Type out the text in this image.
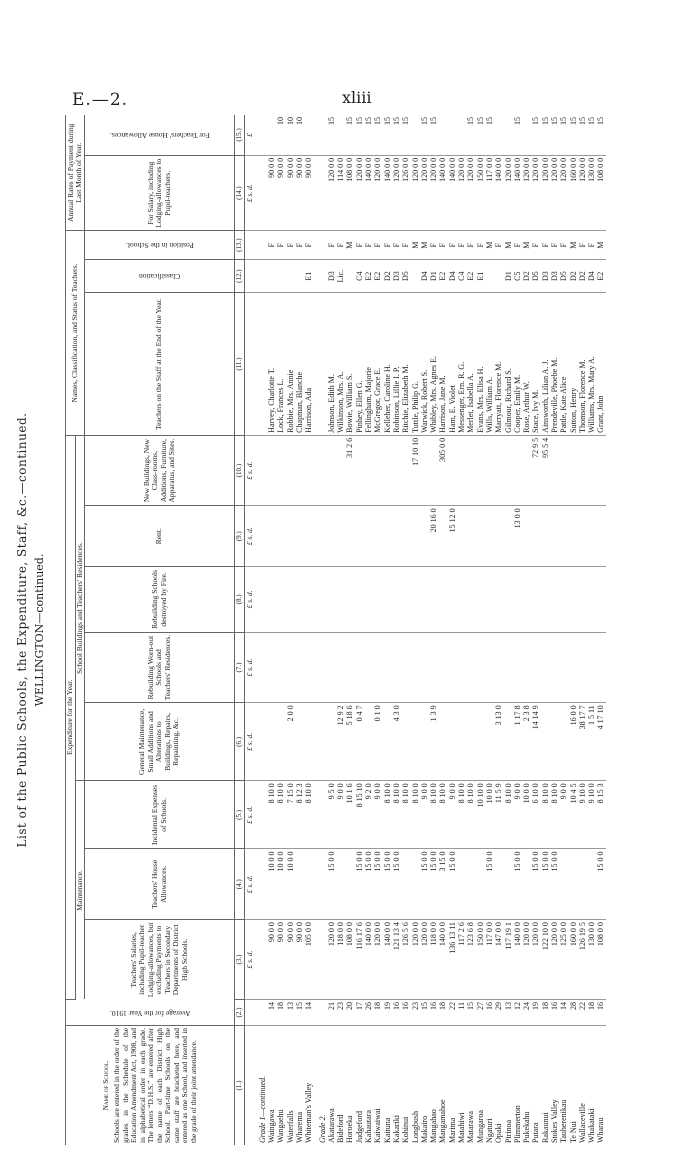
E.—2.	xliii
List of the Public Schools, the Expenditure, Staff, &c.—continued. WELLINGTON—continued.
Name of School. Schools are entered in the order of the grades in the Schedule of the Education Amendment Act, 1908, and in alphabetical order in each grade. The letters “D.H.S.” are entered after the name of each District High School. Part-time Schools on the same staff are bracketed here, and entered as one School, and inserted in the grade of their joint attendance.	Average for the Year 1910.	Expenditure for the Year.								Names, Classification, and Status of Teachers.			Annual Rates of Payment during Last Month of Year.	
		Maintenance.			School Buildings and Teachers' Residences.									
		Teachers' Salaries, including Pupil-teacher Lodging-allowances, but excluding Payments to Teachers in Secondary Departments of District High Schools.	Teachers' House Allowances.	Incidental Expenses of Schools.	General Maintenance, Small Additions and Alterations to Buildings, Repairs, Repainting, &c.	Rebuilding Worn-out Schools and Teachers' Residences.	Rebuilding Schools destroyed by Fire.	Rent.	New Buildings, New Class-rooms, Additions, Furniture, Apparatus, and Sites.	Teachers on the Staff at the End of the Year.	Classification	Position in the School.	For Salary, including Lodging-allowances to Pupil-teachers.	For Teachers' House Allowances.

(1.)	(2.)	(3.)	(4.)	(5.)	(6.)	(7.)	(8.)	(9.)	(10.)	(11.)	(12.)	(13.)	(14.)	(15.)
		£ s. d.	£ s. d.	£ s. d.	£ s. d.	£ s. d.	£ s. d.	£ s. d.	£ s. d.				£ s. d.	£
Grade 1—continued.														
Waingawa	14	90 0 0	10 0 0	8 10 0						Harvey, Charlotte T.		F	90 0 0	
Wangaehu	18	90 0 0	10 0 0	8 10 0						Lock, Frances L.		F	90 0 0	10
Waterfalls	13	90 0 0	10 0 0	7 15 0	2 0 0					Robbie, Mrs. Annie		F	90 0 0	10
Wharema	15	90 0 0		8 12 3						Chapman, Blanche		F	90 0 0	10
Whiteman's Valley	14	105 0 0		8 10 0						Harrison, Ada	E1	F	90 0 0	
Grade 2.														
Akatarawa	21	120 0 0	15 0 0	9 5 0						Johnson, Edith M.	D3	F	120 0 0	15
Bideford	23	118 0 0		9 0 0	12 9 2					Wilkinson, Mrs. A.	Lic.	F	114 0 0	
Horoeka	20	108 0 0		10 1 6	5 18 6				31 2 6	Bowie, William S.		M	108 0 0	15
Judgeford	17	116 17 6	15 0 0	8 15 10	0 4 7					Pinhey, Ellen G.	C4	F	120 0 0	15
Kahautara	26	140 0 0	15 0 0	9 2 0						Fellingham, Majorie	E2	F	140 0 0	15
Kaiwaiwai	18	120 0 0	15 0 0	9 0 0	0 1 0					McGregor, Grace E.	E2	F	120 0 0	15
Kaituna	19	140 0 0	15 0 0	8 10 0						Kelleher, Caroline H.	D2	F	140 0 0	15
Kakariki	16	121 13 4	15 0 0	8 10 0	4 3 0					Robinson, Lillie I. P.	D3	F	120 0 0	15
Kohinui	16	126 5 6		8 10 0						Ritchie, Elizabeth M.	D5	F	126 0 0	15
Longbush	23	120 0 0		8 10 0					17 10 10	Tuttle, Philip G.		M	120 0 0	
Makairo	15	120 0 0	15 0 0	9 0 0						Warwick, Robert S.	D4	M	120 0 0	15
Mangahao	16	118 0 0	15 0 0	8 10 0	1 3 9			20 16 0		Whibley, Mrs. Agnes E.	D1	F	120 0 0	15
Mangamahoe	18	140 0 0	3 15 0	8 10 0					305 0 0	Harrison, Jane M.	E2	F	140 0 0	
Marima	22	136 13 11	15 0 0	9 0 0				15 12 0		Ham, E. Violet	D4	F	140 0 0	
Matahiwi	11	117 2 6		8 10 0						Messenger, Ern. R. G.	C4	F	120 0 0	
Matarawa	15	123 6 8		8 10 0						Merlet, Isabella A.	E2	F	120 0 0	15
Mungaroa	27	150 0 0		10 10 0						Evans, Mrs. Elisa H.	E1	F	150 0 0	15
Ngaturi	16	117 0 0	15 0 0	10 0 0						Wills, William A.		M	117 0 0	15
Opaki	29	147 0 0		11 5 9	3 13 0					Marryatt, Florence M.		F	140 0 0	
Pirinoa	13	117 19 1		8 10 0						Gilmour, Richard S.	D1	M	120 0 0	
Plimmerton	12	140 0 0	15 0 0	9 0 0	1 17 8			13 0 0		Cooper, Emily M.	C5	F	140 0 0	15
Pukekahu	24	120 0 0		10 0 0	2 3 8					Rose, Arthur W.	D2	M	120 0 0	
Putara	19	120 0 0	15 0 0	6 10 0	14 14 9				72 9 5	Stace, Ivy M.	D5	F	120 0 0	15
Rakaunui	18	122 10 0	15 0 0	8 10 0					95 5 4	Ainsworth, Lilian A. J.	D3	F	120 0 0	15
Stokes Valley	16	120 0 0	15 0 0	8 10 0						Prendeville, Phoebe M.	D3	F	120 0 0	15
Tauherenikau	14	125 0 0		9 0 0						Pattle, Kate Alice	D5	F	120 0 0	15
Te Nui	28	160 0 0		10 4 5	16 0 0					Sutton, Henry	D2	M	160 0 0	15
Wallaceville	22	126 19 5		9 10 0	38 17 7					Thomson, Florence M.	D2	F	120 0 0	15
Whakataki	18	130 0 0		9 10 0	1 5 11					Williams, Mrs. Mary A.	D4	F	130 0 0	15
Wharau	16	108 0 0	15 0 0	8 15 3	4 17 10					Grant, John	E2	M	108 0 0	15
